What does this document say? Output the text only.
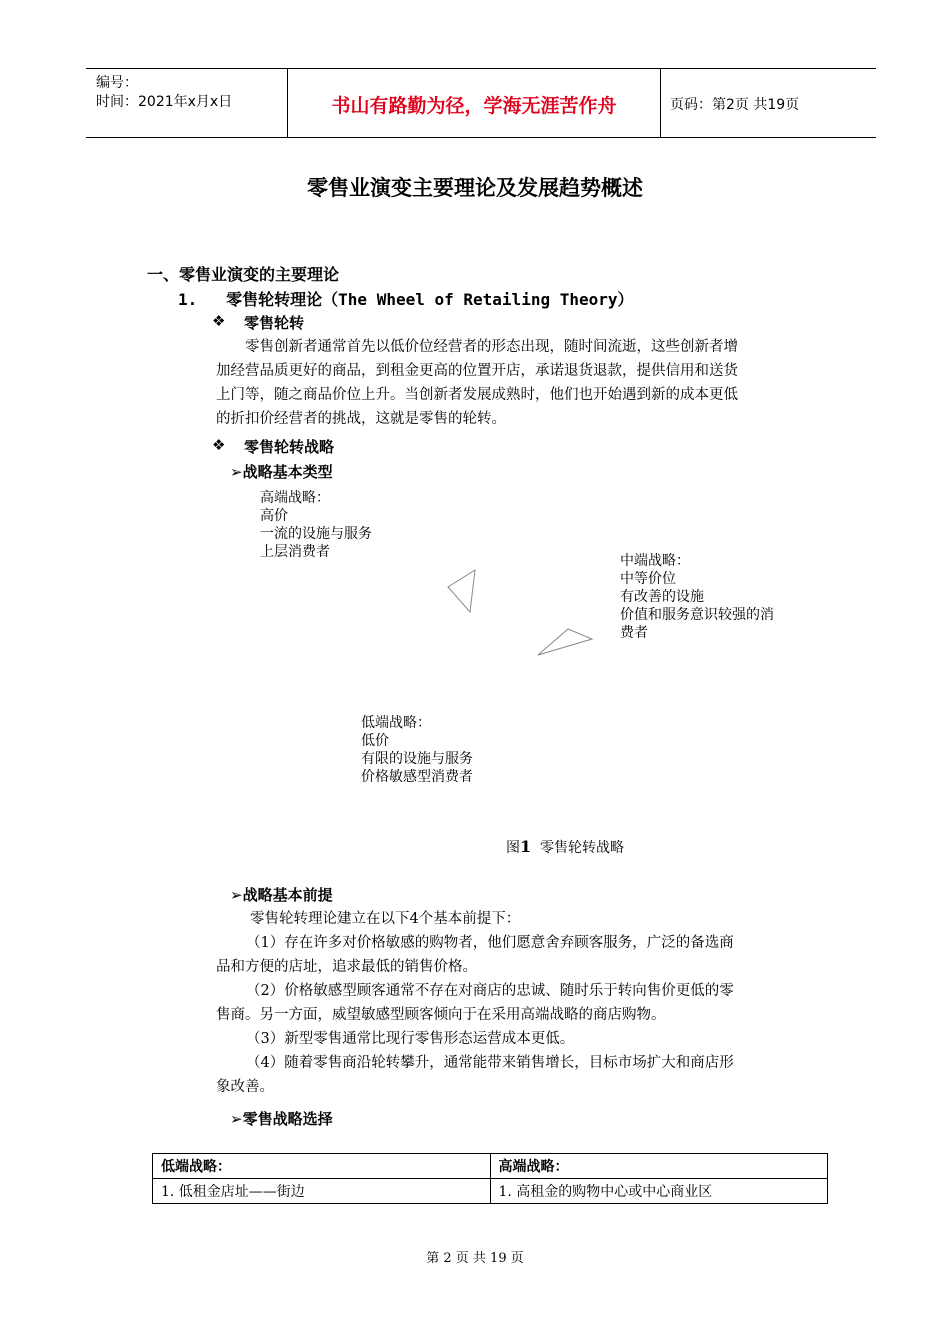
编号：
时间：2021年x月x日	书山有路勤为径，学海无涯苦作舟	页码：第2页 共19页
零售业演变主要理论及发展趋势概述
一、零售业演变的主要理论
1.   零售轮转理论（The Wheel of Retailing Theory）
❖ 零售轮转
零售创新者通常首先以低价位经营者的形态出现，随时间流逝，这些创新者增
加经营品质更好的商品，到租金更高的位置开店，承诺退货退款，提供信用和送货
上门等，随之商品价位上升。当创新者发展成熟时，他们也开始遇到新的成本更低
的折扣价经营者的挑战，这就是零售的轮转。
❖ 零售轮转战略
➢战略基本类型
高端战略：
高价
一流的设施与服务
上层消费者
中端战略：
中等价位
有改善的设施
价值和服务意识较强的消
费者
低端战略：
低价
有限的设施与服务
价格敏感型消费者
图1 零售轮转战略
➢战略基本前提
零售轮转理论建立在以下4个基本前提下：
（1）存在许多对价格敏感的购物者，他们愿意舍弃顾客服务，广泛的备选商
品和方便的店址，追求最低的销售价格。
（2）价格敏感型顾客通常不存在对商店的忠诚、随时乐于转向售价更低的零
售商。另一方面，威望敏感型顾客倾向于在采用高端战略的商店购物。
（3）新型零售通常比现行零售形态运营成本更低。
（4）随着零售商沿轮转攀升，通常能带来销售增长，目标市场扩大和商店形
象改善。
➢零售战略选择
低端战略：	高端战略：
1. 低租金店址——街边	1. 高租金的购物中心或中心商业区
第 2 页 共 19 页
